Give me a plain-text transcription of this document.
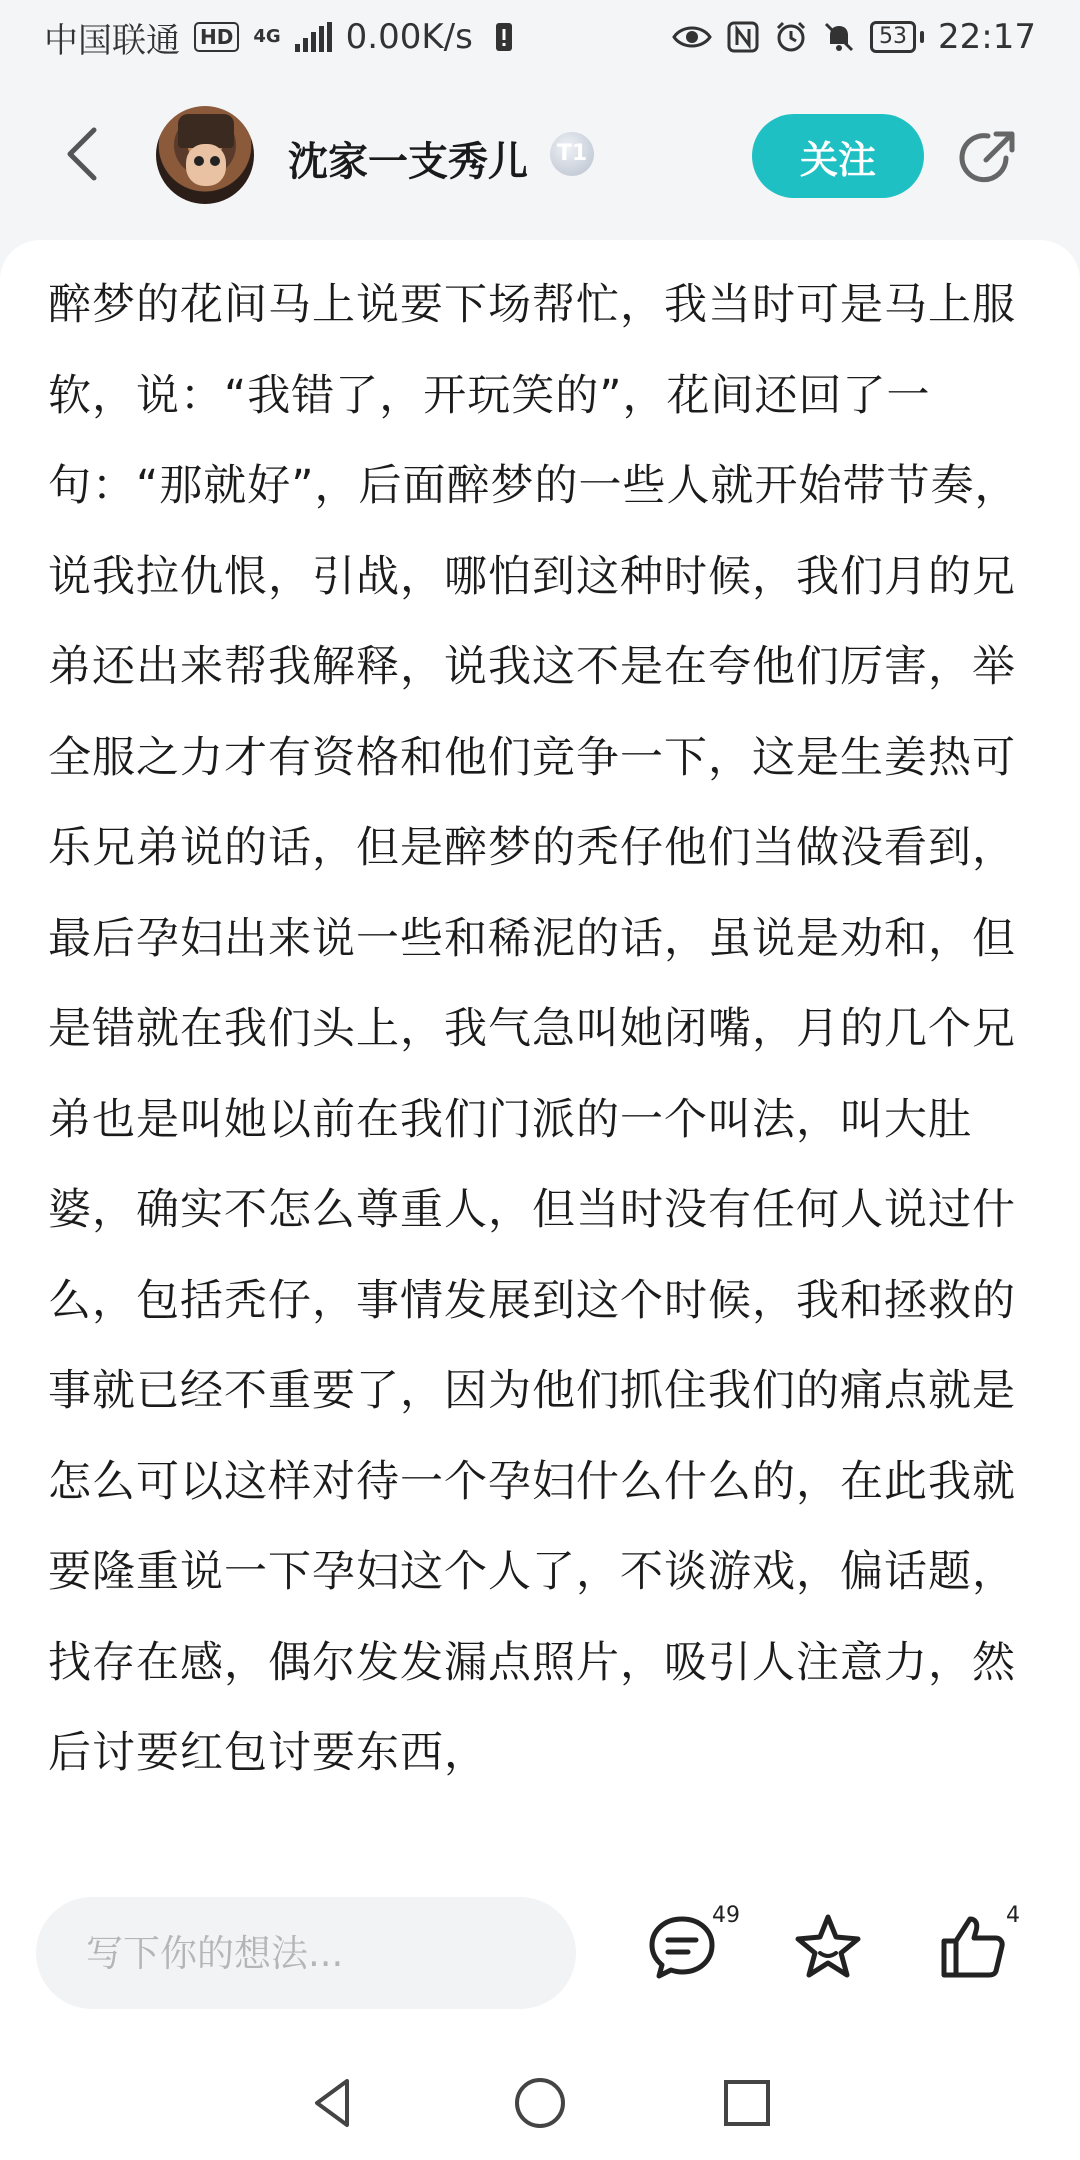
中国联通	HD	4G 0.00K/s	53 22:17
沈家一支秀儿	T1	关注

醉梦的花间马上说要下场帮忙，我当时可是马上服软，说：“我错了，开玩笑的”，花间还回了一句：“那就好”，后面醉梦的一些人就开始带节奏，说我拉仇恨，引战，哪怕到这种时候，我们月的兄弟还出来帮我解释，说我这不是在夸他们厉害，举全服之力才有资格和他们竞争一下，这是生姜热可乐兄弟说的话，但是醉梦的秃仔他们当做没看到，最后孕妇出来说一些和稀泥的话，虽说是劝和，但是错就在我们头上，我气急叫她闭嘴，月的几个兄弟也是叫她以前在我们门派的一个叫法，叫大肚婆，确实不怎么尊重人，但当时没有任何人说过什么，包括秃仔，事情发展到这个时候，我和拯救的事就已经不重要了，因为他们抓住我们的痛点就是怎么可以这样对待一个孕妇什么什么的，在此我就要隆重说一下孕妇这个人了，不谈游戏，偏话题，找存在感，偶尔发发漏点照片，吸引人注意力，然后讨要红包讨要东西，

写下你的想法...
49	4
